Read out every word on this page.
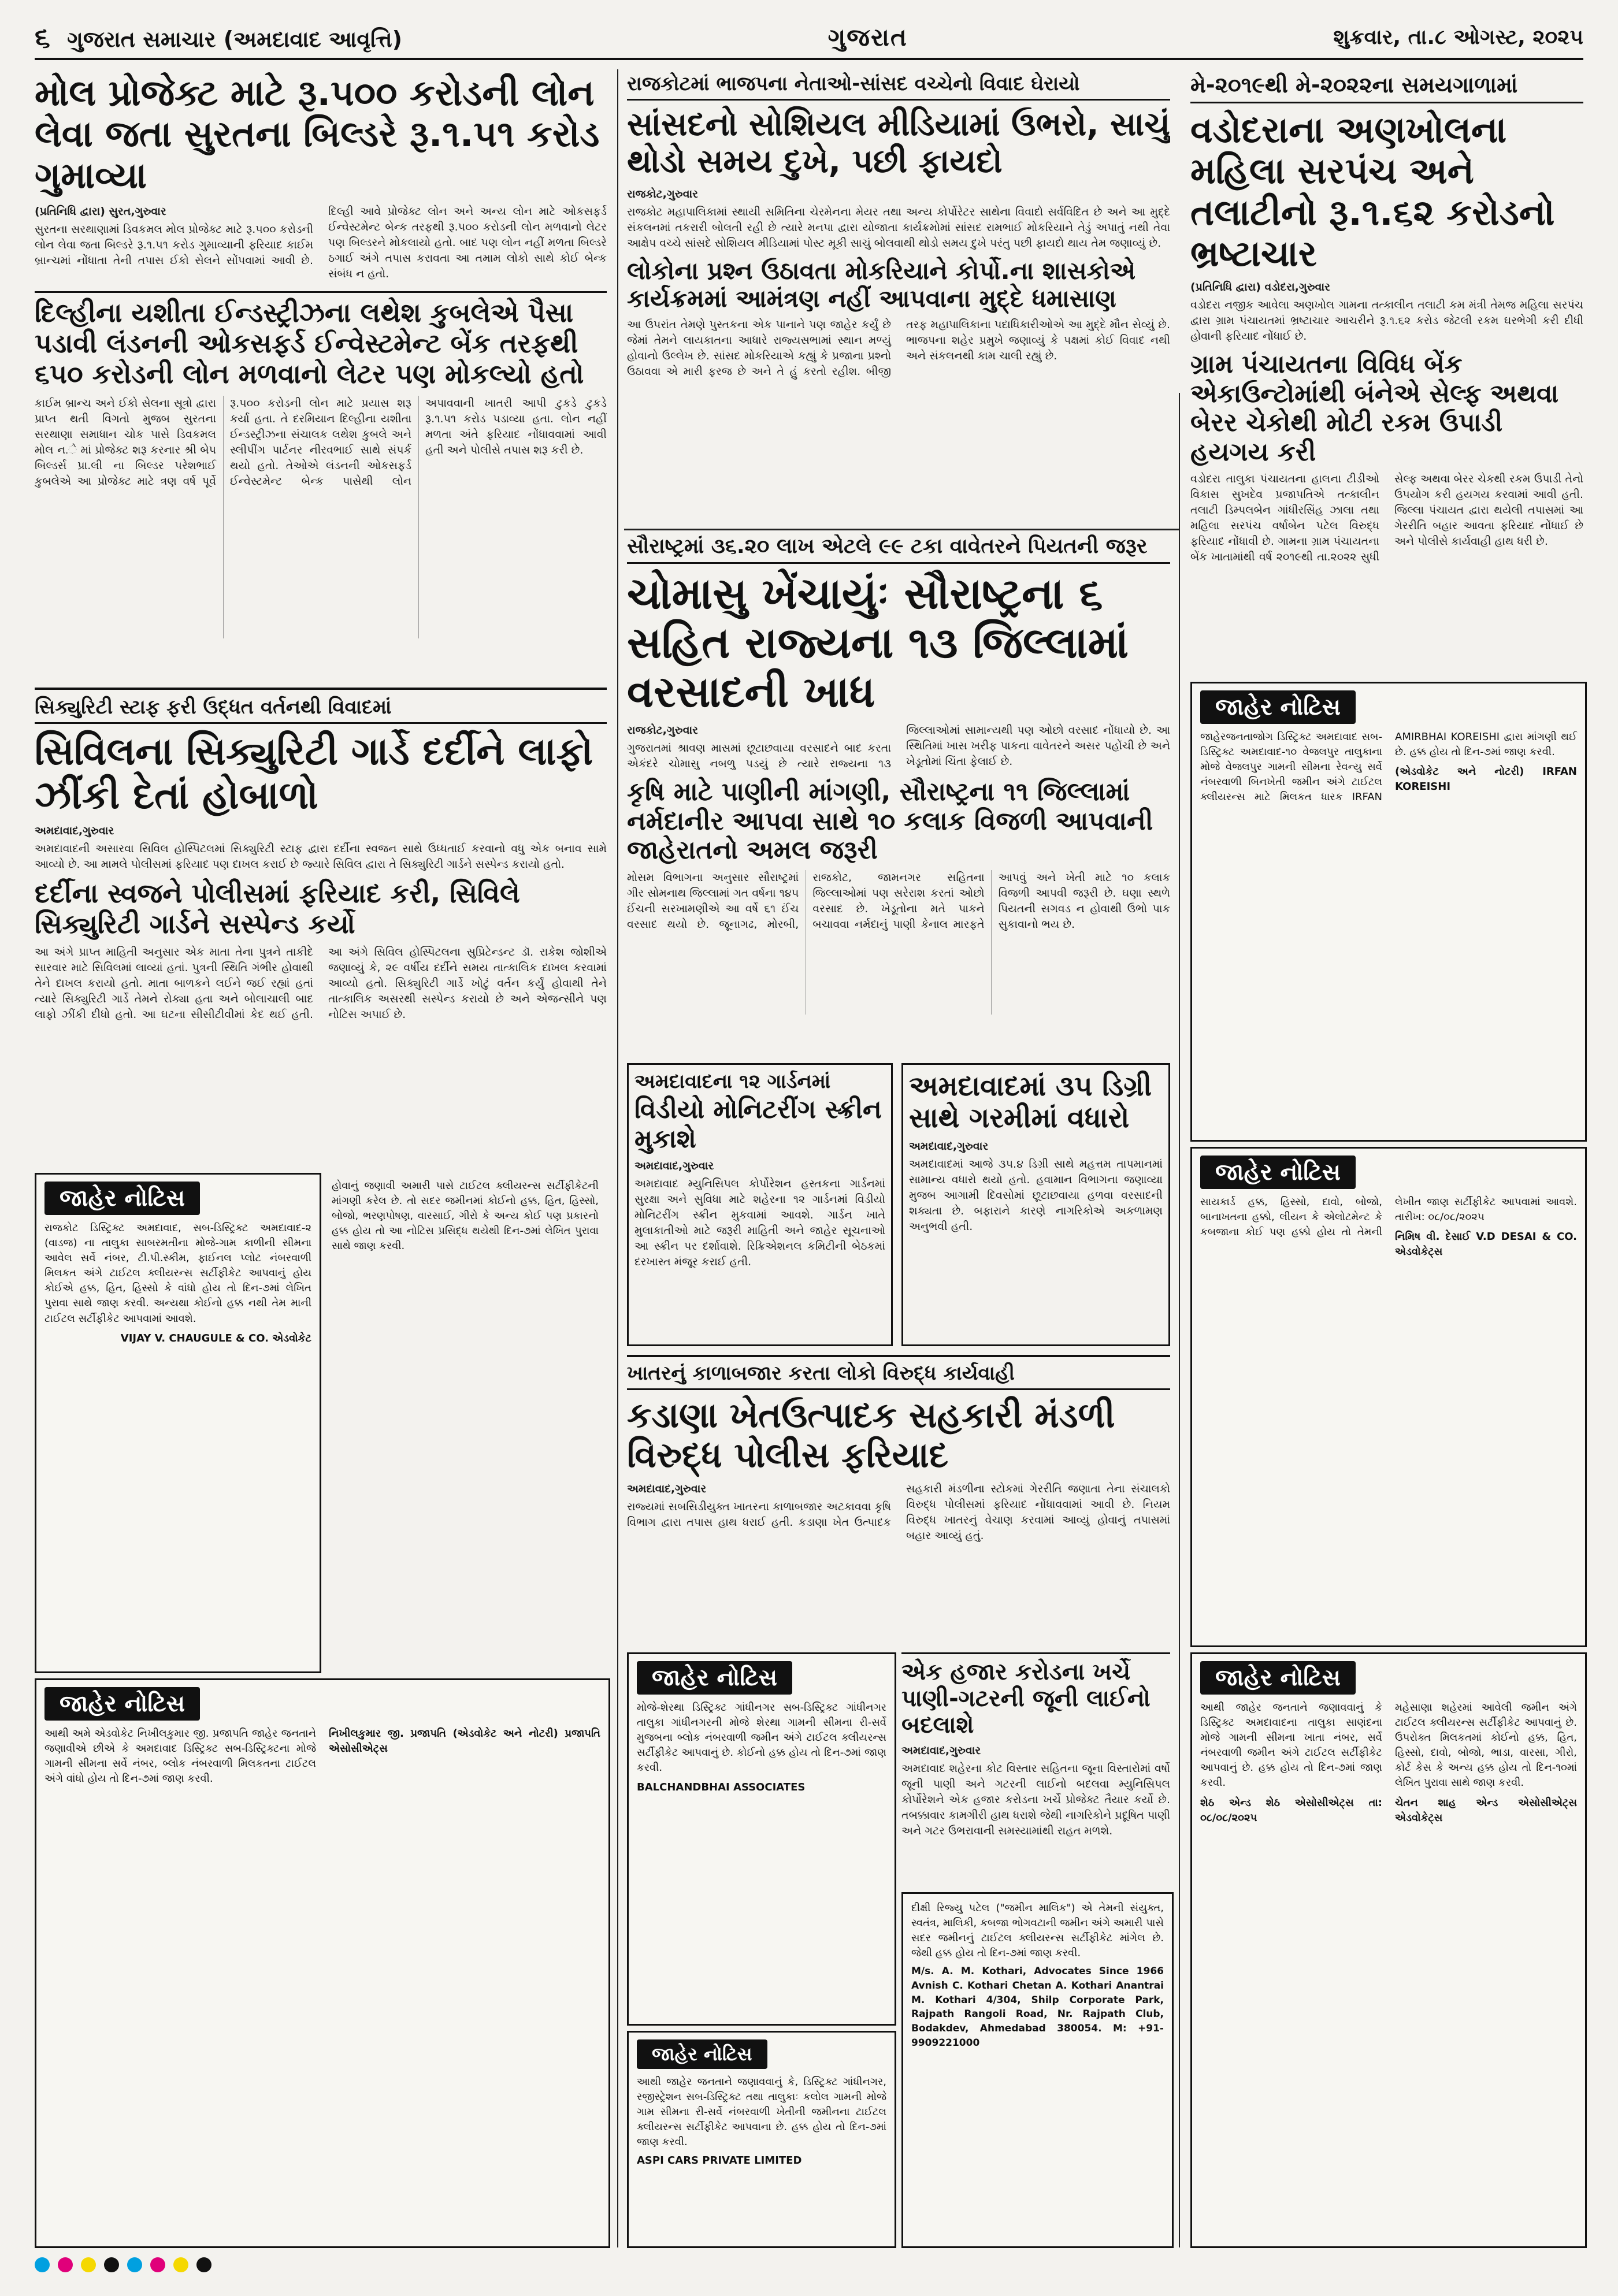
૬ ગુજરાત સમાચાર (અમદાવાદ આવૃત્તિ)	ગુજરાત	શુક્રવાર, તા.૮ ઓગસ્ટ, ૨૦૨૫
મોલ પ્રોજેક્ટ માટે રૂ.૫૦૦ કરોડની લોન લેવા જતા સુરતના બિલ્ડરે રૂ.૧.૫૧ કરોડ ગુમાવ્યા

(પ્રતિનિધિ દ્વારા) સુરત,ગુરુવાર

સુરતના સરથાણામાં ડિવકમલ મોલ પ્રોજેક્ટ માટે રૂ.૫૦૦ કરોડની લોન લેવા જતા બિલ્ડરે રૂ.૧.૫૧ કરોડ ગુમાવ્યાની ફરિયાદ કાઈમ બ્રાન્ચમાં નોંધાતા તેની તપાસ ઈકો સેલને સોંપવામાં આવી છે. દિલ્હી આવે પ્રોજેક્ટ લોન અને અન્ય લોન માટે ઓકસફર્ડ ઈન્વેસ્ટમેન્ટ બેન્ક તરફથી રૂ.૫૦૦ કરોડની લોન મળવાનો લેટર પણ બિલ્ડરને મોકલાયો હતો. બાદ પણ લોન નહીં મળતા બિલ્ડરે ઠગાઈ અંગે તપાસ કરાવતા આ તમામ લોકો સાથે કોઈ બેન્ક સંબંધ ન હતો.

દિલ્હીના યશીતા ઈન્ડસ્ટ્રીઝના લથેશ કુબલેએ પૈસા પડાવી લંડનની ઓકસફર્ડ ઈન્વેસ્ટમેન્ટ બેંક તરફથી ૬૫૦ કરોડની લોન મળવાનો લેટર પણ મોકલ્યો હતો

કાઈમ બ્રાન્ચ અને ઈકો સેલના સૂત્રો દ્વારા પ્રાપ્ત થતી વિગતો મુજબ સુરતના સરથાણા સમાધાન ચોક પાસે ડિવકમલ મોલ ન.ે માં પ્રોજેક્ટ શરૂ કરનાર શ્રી બેપ બિલ્ડર્સ પ્રા.લી ના બિલ્ડર પરેશભાઈ કુબલેએ આ પ્રોજેક્ટ માટે ત્રણ વર્ષ પૂર્વે રૂ.૫૦૦ કરોડની લોન માટે પ્રયાસ શરૂ કર્યા હતા. તે દરમિયાન દિલ્હીના યશીતા ઈન્ડસ્ટ્રીઝના સંચાલક લથેશ કુબલે અને સ્લીપીંગ પાર્ટનર નીરવભાઈ સાથે સંપર્ક થયો હતો. તેઓએ લંડનની ઓકસફર્ડ ઈન્વેસ્ટમેન્ટ બેન્ક પાસેથી લોન અપાવવાની ખાતરી આપી ટુકડે ટુકડે રૂ.૧.૫૧ કરોડ પડાવ્યા હતા. લોન નહીં મળતા અંતે ફરિયાદ નોંધાવવામાં આવી હતી અને પોલીસે તપાસ શરૂ કરી છે.

સિક્યુરિટી સ્ટાફ ફરી ઉદ્ધત વર્તનથી વિવાદમાં
સિવિલના સિક્યુરિટી ગાર્ડે દર્દીને લાફો ઝીંકી દેતાં હોબાળો

અમદાવાદ,ગુરુવાર

અમદાવાદની અસારવા સિવિલ હોસ્પિટલમાં સિક્યુરિટી સ્ટાફ દ્વારા દર્દીના સ્વજન સાથે ઉધ્ધતાઈ કરવાનો વધુ એક બનાવ સામે આવ્યો છે. આ મામલે પોલીસમાં ફરિયાદ પણ દાખલ કરાઈ છે જ્યારે સિવિલ દ્વારા તે સિક્યુરિટી ગાર્ડને સસ્પેન્ડ કરાયો હતો.

દર્દીના સ્વજને પોલીસમાં ફરિયાદ કરી, સિવિલે સિક્યુરિટી ગાર્ડને સસ્પેન્ડ કર્યો

આ અંગે પ્રાપ્ત માહિતી અનુસાર એક માતા તેના પુત્રને તાકીદે સારવાર માટે સિવિલમાં લાવ્યાં હતાં. પુત્રની સ્થિતિ ગંભીર હોવાથી તેને દાખલ કરાયો હતો. માતા બાળકને લઈને જઈ રહ્યાં હતાં ત્યારે સિક્યુરિટી ગાર્ડે તેમને રોક્યા હતા અને બોલાચાલી બાદ લાફો ઝીંકી દીધો હતો. આ ઘટના સીસીટીવીમાં કેદ થઈ હતી. આ અંગે સિવિલ હોસ્પિટલના સુપ્રિટેન્ડન્ટ ડૉ. રાકેશ જોશીએ જણાવ્યું કે, ૨૯ વર્ષીય દર્દીને સમય તાત્કાલિક દાખલ કરવામાં આવ્યો હતો. સિક્યુરિટી ગાર્ડે ખોટું વર્તન કર્યું હોવાથી તેને તાત્કાલિક અસરથી સસ્પેન્ડ કરાયો છે અને એજન્સીને પણ નોટિસ અપાઈ છે.

રાજકોટમાં ભાજપના નેતાઓ-સાંસદ વચ્ચેનો વિવાદ ઘેરાયો
સાંસદનો સોશિયલ મીડિયામાં ઉભરો, સાચું થોડો સમય દુખે, પછી ફાયદો

રાજકોટ,ગુરુવાર

રાજકોટ મહાપાલિકામાં સ્થાયી સમિતિના ચેરમેનના મેયર તથા અન્ય કોર્પોરેટર સાથેના વિવાદો સર્વવિદિત છે અને આ મુદ્દે સંકલનમાં તકરારી બોલતી રહી છે ત્યારે મનપા દ્વારા યોજાતા કાર્યક્રમોમાં સાંસદ રામભાઈ મોકરિયાને તેડું અપાતું નથી તેવા આક્ષેપ વચ્ચે સાંસદે સોશિયલ મીડિયામાં પોસ્ટ મૂકી સાચું બોલવાથી થોડો સમય દુખે પરંતુ પછી ફાયદો થાય તેમ જણાવ્યું છે.

લોકોના પ્રશ્ન ઉઠાવતા મોકરિયાને કોર્પો.ના શાસકોએ કાર્યક્રમમાં આમંત્રણ નહીં આપવાના મુદ્દે ધમાસાણ

આ ઉપરાંત તેમણે પુસ્તકના એક પાનાને પણ જાહેર કર્યું છે જેમાં તેમને લાયકાતના આધારે રાજ્યસભામાં સ્થાન મળ્યું હોવાનો ઉલ્લેખ છે. સાંસદ મોકરિયાએ કહ્યું કે પ્રજાના પ્રશ્નો ઉઠાવવા એ મારી ફરજ છે અને તે હું કરતો રહીશ. બીજી તરફ મહાપાલિકાના પદાધિકારીઓએ આ મુદ્દે મૌન સેવ્યું છે. ભાજપના શહેર પ્રમુખે જણાવ્યું કે પક્ષમાં કોઈ વિવાદ નથી અને સંકલનથી કામ ચાલી રહ્યું છે.

મે-૨૦૧૯થી મે-૨૦૨૨ના સમયગાળામાં
વડોદરાના અણખોલના મહિલા સરપંચ અને તલાટીનો રૂ.૧.૬૨ કરોડનો ભ્રષ્ટાચાર

(પ્રતિનિધિ દ્વારા) વડોદરા,ગુરુવાર

વડોદરા નજીક આવેલા અણખોલ ગામના તત્કાલીન તલાટી કમ મંત્રી તેમજ મહિલા સરપંચ દ્વારા ગ્રામ પંચાયતમાં ભ્રષ્ટાચાર આચરીને રૂ.૧.૬૨ કરોડ જેટલી રકમ ઘરભેગી કરી દીધી હોવાની ફરિયાદ નોંધાઈ છે.

ગ્રામ પંચાયતના વિવિધ બેંક એકાઉન્ટોમાંથી બંનેએ સેલ્ફ અથવા બેરર ચેકોથી મોટી રકમ ઉપાડી હયગય કરી

વડોદરા તાલુકા પંચાયતના હાલના ટીડીઓ વિકાસ સુખદેવ પ્રજાપતિએ તત્કાલીન તલાટી ડિમ્પલબેન ગાંધીરસિંહ ઝાલા તથા મહિલા સરપંચ વર્ષાબેન પટેલ વિરુદ્ધ ફરિયાદ નોંધાવી છે. ગામના ગ્રામ પંચાયતના બેંક ખાતામાંથી વર્ષ ૨૦૧૯થી તા.૨૦૨૨ સુધી સેલ્ફ અથવા બેરર ચેકથી રકમ ઉપાડી તેનો ઉપયોગ કરી હયગય કરવામાં આવી હતી. જિલ્લા પંચાયત દ્વારા થયેલી તપાસમાં આ ગેરરીતિ બહાર આવતા ફરિયાદ નોંધાઈ છે અને પોલીસે કાર્યવાહી હાથ ધરી છે.

સૌરાષ્ટ્રમાં ૩૬.૨૦ લાખ એટલે ૯૯ ટકા વાવેતરને પિયતની જરૂર
ચોમાસુ ખેંચાયુંઃ સૌરાષ્ટ્રના ૬ સહિત રાજ્યના ૧૩ જિલ્લામાં વરસાદની ખાધ

રાજકોટ,ગુરુવાર

ગુજરાતમાં શ્રાવણ માસમાં છૂટાછવાયા વરસાદને બાદ કરતા એકંદરે ચોમાસુ નબળુ પડયું છે ત્યારે રાજ્યના ૧૩ જિલ્લાઓમાં સામાન્યથી પણ ઓછો વરસાદ નોંધાયો છે. આ સ્થિતિમાં ખાસ ખરીફ પાકના વાવેતરને અસર પહોંચી છે અને ખેડૂતોમાં ચિંતા ફેલાઈ છે.

કૃષિ માટે પાણીની માંગણી, સૌરાષ્ટ્રના ૧૧ જિલ્લામાં નર્મદાનીર આપવા સાથે ૧૦ કલાક વિજળી આપવાની જાહેરાતનો અમલ જરૂરી

મોસમ વિભાગના અનુસાર સૌરાષ્ટ્રમાં ગીર સોમનાથ જિલ્લામાં ગત વર્ષના ૧૪૫ ઈંચની સરખામણીએ આ વર્ષે ૬૧ ઈંચ વરસાદ થયો છે. જૂનાગઢ, મોરબી, રાજકોટ, જામનગર સહિતના જિલ્લાઓમાં પણ સરેરાશ કરતાં ઓછો વરસાદ છે. ખેડૂતોના મતે પાકને બચાવવા નર્મદાનું પાણી કેનાલ મારફતે આપવું અને ખેતી માટે ૧૦ કલાક વિજળી આપવી જરૂરી છે. ઘણા સ્થળે પિયતની સગવડ ન હોવાથી ઉભો પાક સુકાવાનો ભય છે.

અમદાવાદના ૧૨ ગાર્ડનમાં
વિડીયો મોનિટરીંગ સ્ક્રીન મુકાશે

અમદાવાદ,ગુરુવાર

અમદાવાદ મ્યુનિસિપલ કોર્પોરેશન હસ્તકના ગાર્ડનમાં સુરક્ષા અને સુવિધા માટે શહેરના ૧૨ ગાર્ડનમાં વિડીયો મોનિટરીંગ સ્ક્રીન મુકવામાં આવશે. ગાર્ડન ખાતે મુલાકાતીઓ માટે જરૂરી માહિતી અને જાહેર સૂચનાઓ આ સ્ક્રીન પર દર્શાવાશે. રિક્રિએશનલ કમિટીની બેઠકમાં દરખાસ્ત મંજૂર કરાઈ હતી.

અમદાવાદમાં ૩૫ ડિગ્રી સાથે ગરમીમાં વધારો

અમદાવાદ,ગુરુવાર

અમદાવાદમાં આજે ૩૫.૪ ડિગ્રી સાથે મહત્તમ તાપમાનમાં સામાન્ય વધારો થયો હતો. હવામાન વિભાગના જણાવ્યા મુજબ આગામી દિવસોમાં છૂટાછવાયા હળવા વરસાદની શક્યતા છે. બફારાને કારણે નાગરિકોએ અકળામણ અનુભવી હતી.

ખાતરનું કાળાબજાર કરતા લોકો વિરુદ્ધ કાર્યવાહી
કડાણા ખેતઉત્પાદક સહકારી મંડળી વિરુદ્ધ પોલીસ ફરિયાદ

અમદાવાદ,ગુરુવાર

રાજ્યમાં સબસિડીયુક્ત ખાતરના કાળાબજાર અટકાવવા કૃષિ વિભાગ દ્વારા તપાસ હાથ ધરાઈ હતી. કડાણા ખેત ઉત્પાદક સહકારી મંડળીના સ્ટોકમાં ગેરરીતિ જણાતા તેના સંચાલકો વિરુદ્ધ પોલીસમાં ફરિયાદ નોંધાવવામાં આવી છે. નિયમ વિરુદ્ધ ખાતરનું વેચાણ કરવામાં આવ્યું હોવાનું તપાસમાં બહાર આવ્યું હતું.

એક હજાર કરોડના ખર્ચે પાણી-ગટરની જૂની લાઈનો બદલાશે

અમદાવાદ,ગુરુવાર

અમદાવાદ શહેરના કોટ વિસ્તાર સહિતના જૂના વિસ્તારોમાં વર્ષો જૂની પાણી અને ગટરની લાઈનો બદલવા મ્યુનિસિપલ કોર્પોરેશને એક હજાર કરોડના ખર્ચે પ્રોજેક્ટ તૈયાર કર્યો છે. તબક્કાવાર કામગીરી હાથ ધરાશે જેથી નાગરિકોને પ્રદૂષિત પાણી અને ગટર ઉભરાવાની સમસ્યામાંથી રાહત મળશે.

જાહેર નોટિસ

રાજકોટ ડિસ્ટ્રિક્ટ અમદાવાદ, સબ-ડિસ્ટ્રિક્ટ અમદાવાદ-૨ (વાડજ) ના તાલુકા સાબરમતીના મોજે-ગામ કાળીની સીમના આવેલ સર્વે નંબર, ટી.પી.સ્કીમ, ફાઈનલ પ્લોટ નંબરવાળી મિલકત અંગે ટાઈટલ ક્લીયરન્સ સર્ટીફીકેટ આપવાનું હોય કોઈએ હક્ક, હિત, હિસ્સો કે વાંધો હોય તો દિન-૭માં લેખિત પુરાવા સાથે જાણ કરવી. અન્યથા કોઈનો હક્ક નથી તેમ માની ટાઈટલ સર્ટીફીકેટ આપવામાં આવશે.

VIJAY V. CHAUGULE & CO. એડવોકેટ

હોવાનું જણાવી અમારી પાસે ટાઈટલ ક્લીયરન્સ સર્ટીફીકેટની માંગણી કરેલ છે. તો સદર જમીનમાં કોઈનો હક્ક, હિત, હિસ્સો, બોજો, ભરણપોષણ, વારસાઈ, ગીરો કે અન્ય કોઈ પણ પ્રકારનો હક્ક હોય તો આ નોટિસ પ્રસિદ્ધ થયેથી દિન-૭માં લેખિત પુરાવા સાથે જાણ કરવી.

જાહેર નોટિસ

આથી અમે એડવોકેટ નિખીલકુમાર જી. પ્રજાપતિ જાહેર જનતાને જણાવીએ છીએ કે અમદાવાદ ડિસ્ટ્રિક્ટ સબ-ડિસ્ટ્રિક્ટના મોજે ગામની સીમના સર્વે નંબર, બ્લોક નંબરવાળી મિલકતના ટાઈટલ અંગે વાંધો હોય તો દિન-૭માં જાણ કરવી.

નિખીલકુમાર જી. પ્રજાપતિ (એડવોકેટ અને નોટરી) પ્રજાપતિ એસોસીએટ્સ

જાહેર નોટિસ

મોજે-શેરથા ડિસ્ટ્રિક્ટ ગાંધીનગર સબ-ડિસ્ટ્રિક્ટ ગાંધીનગર તાલુકા ગાંધીનગરની મોજે શેરથા ગામની સીમના રી-સર્વે મુજબના બ્લોક નંબરવાળી જમીન અંગે ટાઈટલ ક્લીયરન્સ સર્ટીફીકેટ આપવાનું છે. કોઈનો હક્ક હોય તો દિન-૭માં જાણ કરવી.

BALCHANDBHAI ASSOCIATES

જાહેર નોટિસ

આથી જાહેર જનતાને જણાવવાનું કે, ડિસ્ટ્રિક્ટ ગાંધીનગર, રજીસ્ટ્રેશન સબ-ડિસ્ટ્રિક્ટ તથા તાલુકાઃ કલોલ ગામની મોજે ગામ સીમના રી-સર્વે નંબરવાળી ખેતીની જમીનના ટાઈટલ ક્લીયરન્સ સર્ટીફીકેટ આપવાના છે. હક્ક હોય તો દિન-૭માં જાણ કરવી.

ASPI CARS PRIVATE LIMITED

દીક્ષી રિજ્યુ પટેલ ("જમીન માલિક") એ તેમની સંયુક્ત, સ્વતંત્ર, માલિકી, કબજા ભોગવટાની જમીન અંગે અમારી પાસે સદર જમીનનું ટાઈટલ ક્લીયરન્સ સર્ટીફીકેટ માંગેલ છે. જેથી હક્ક હોય તો દિન-૭માં જાણ કરવી.

M/s. A. M. Kothari, Advocates Since 1966 Avnish C. Kothari Chetan A. Kothari Anantrai M. Kothari 4/304, Shilp Corporate Park, Rajpath Rangoli Road, Nr. Rajpath Club, Bodakdev, Ahmedabad 380054. M: +91-9909221000

જાહેર નોટિસ

આથી જાહેર જનતાને જણાવવાનું કે ડિસ્ટ્રિક્ટ અમદાવાદના તાલુકા સાણંદના મોજે ગામની સીમના ખાતા નંબર, સર્વે નંબરવાળી જમીન અંગે ટાઈટલ સર્ટીફીકેટ આપવાનું છે. હક્ક હોય તો દિન-૭માં જાણ કરવી.

શેઠ એન્ડ શેઠ એસોસીએટ્સ તા: ૦૮/૦૮/૨૦૨૫

મહેસાણા શહેરમાં આવેલી જમીન અંગે ટાઈટલ ક્લીયરન્સ સર્ટીફીકેટ આપવાનું છે. ઉપરોક્ત મિલકતમાં કોઈનો હક્ક, હિત, હિસ્સો, દાવો, બોજો, ભાડા, વારસા, ગીરો, કોર્ટ કેસ કે અન્ય હક્ક હોય તો દિન-૧૦માં લેખિત પુરાવા સાથે જાણ કરવી.

ચેતન શાહ એન્ડ એસોસીએટ્સ એડવોકેટ્સ

જાહેર નોટિસ

જાહેરજનતાજોગ ડિસ્ટ્રિક્ટ અમદાવાદ સબ-ડિસ્ટ્રિક્ટ અમદાવાદ-૧૦ વેજલપુર તાલુકાના મોજે વેજલપુર ગામની સીમના રેવન્યુ સર્વે નંબરવાળી બિનખેતી જમીન અંગે ટાઈટલ ક્લીયરન્સ માટે મિલકત ધારક IRFAN AMIRBHAI KOREISHI દ્વારા માંગણી થઈ છે. હક્ક હોય તો દિન-૭માં જાણ કરવી.

(એડવોકેટ અને નોટરી) IRFAN KOREISHI

જાહેર નોટિસ

સાયકાર્ડ હક્ક, હિસ્સો, દાવો, બોજો, બાનાખતના હક્કો, લીયન કે એલોટમેન્ટ કે કબજાના કોઈ પણ હક્કો હોય તો તેમની લેખીત જાણ સર્ટીફીકેટ આપવામાં આવશે. તારીખ: ૦૮/૦૮/૨૦૨૫

નિમિષ વી. દેસાઈ V.D DESAI & CO. એડવોકેટ્સ
